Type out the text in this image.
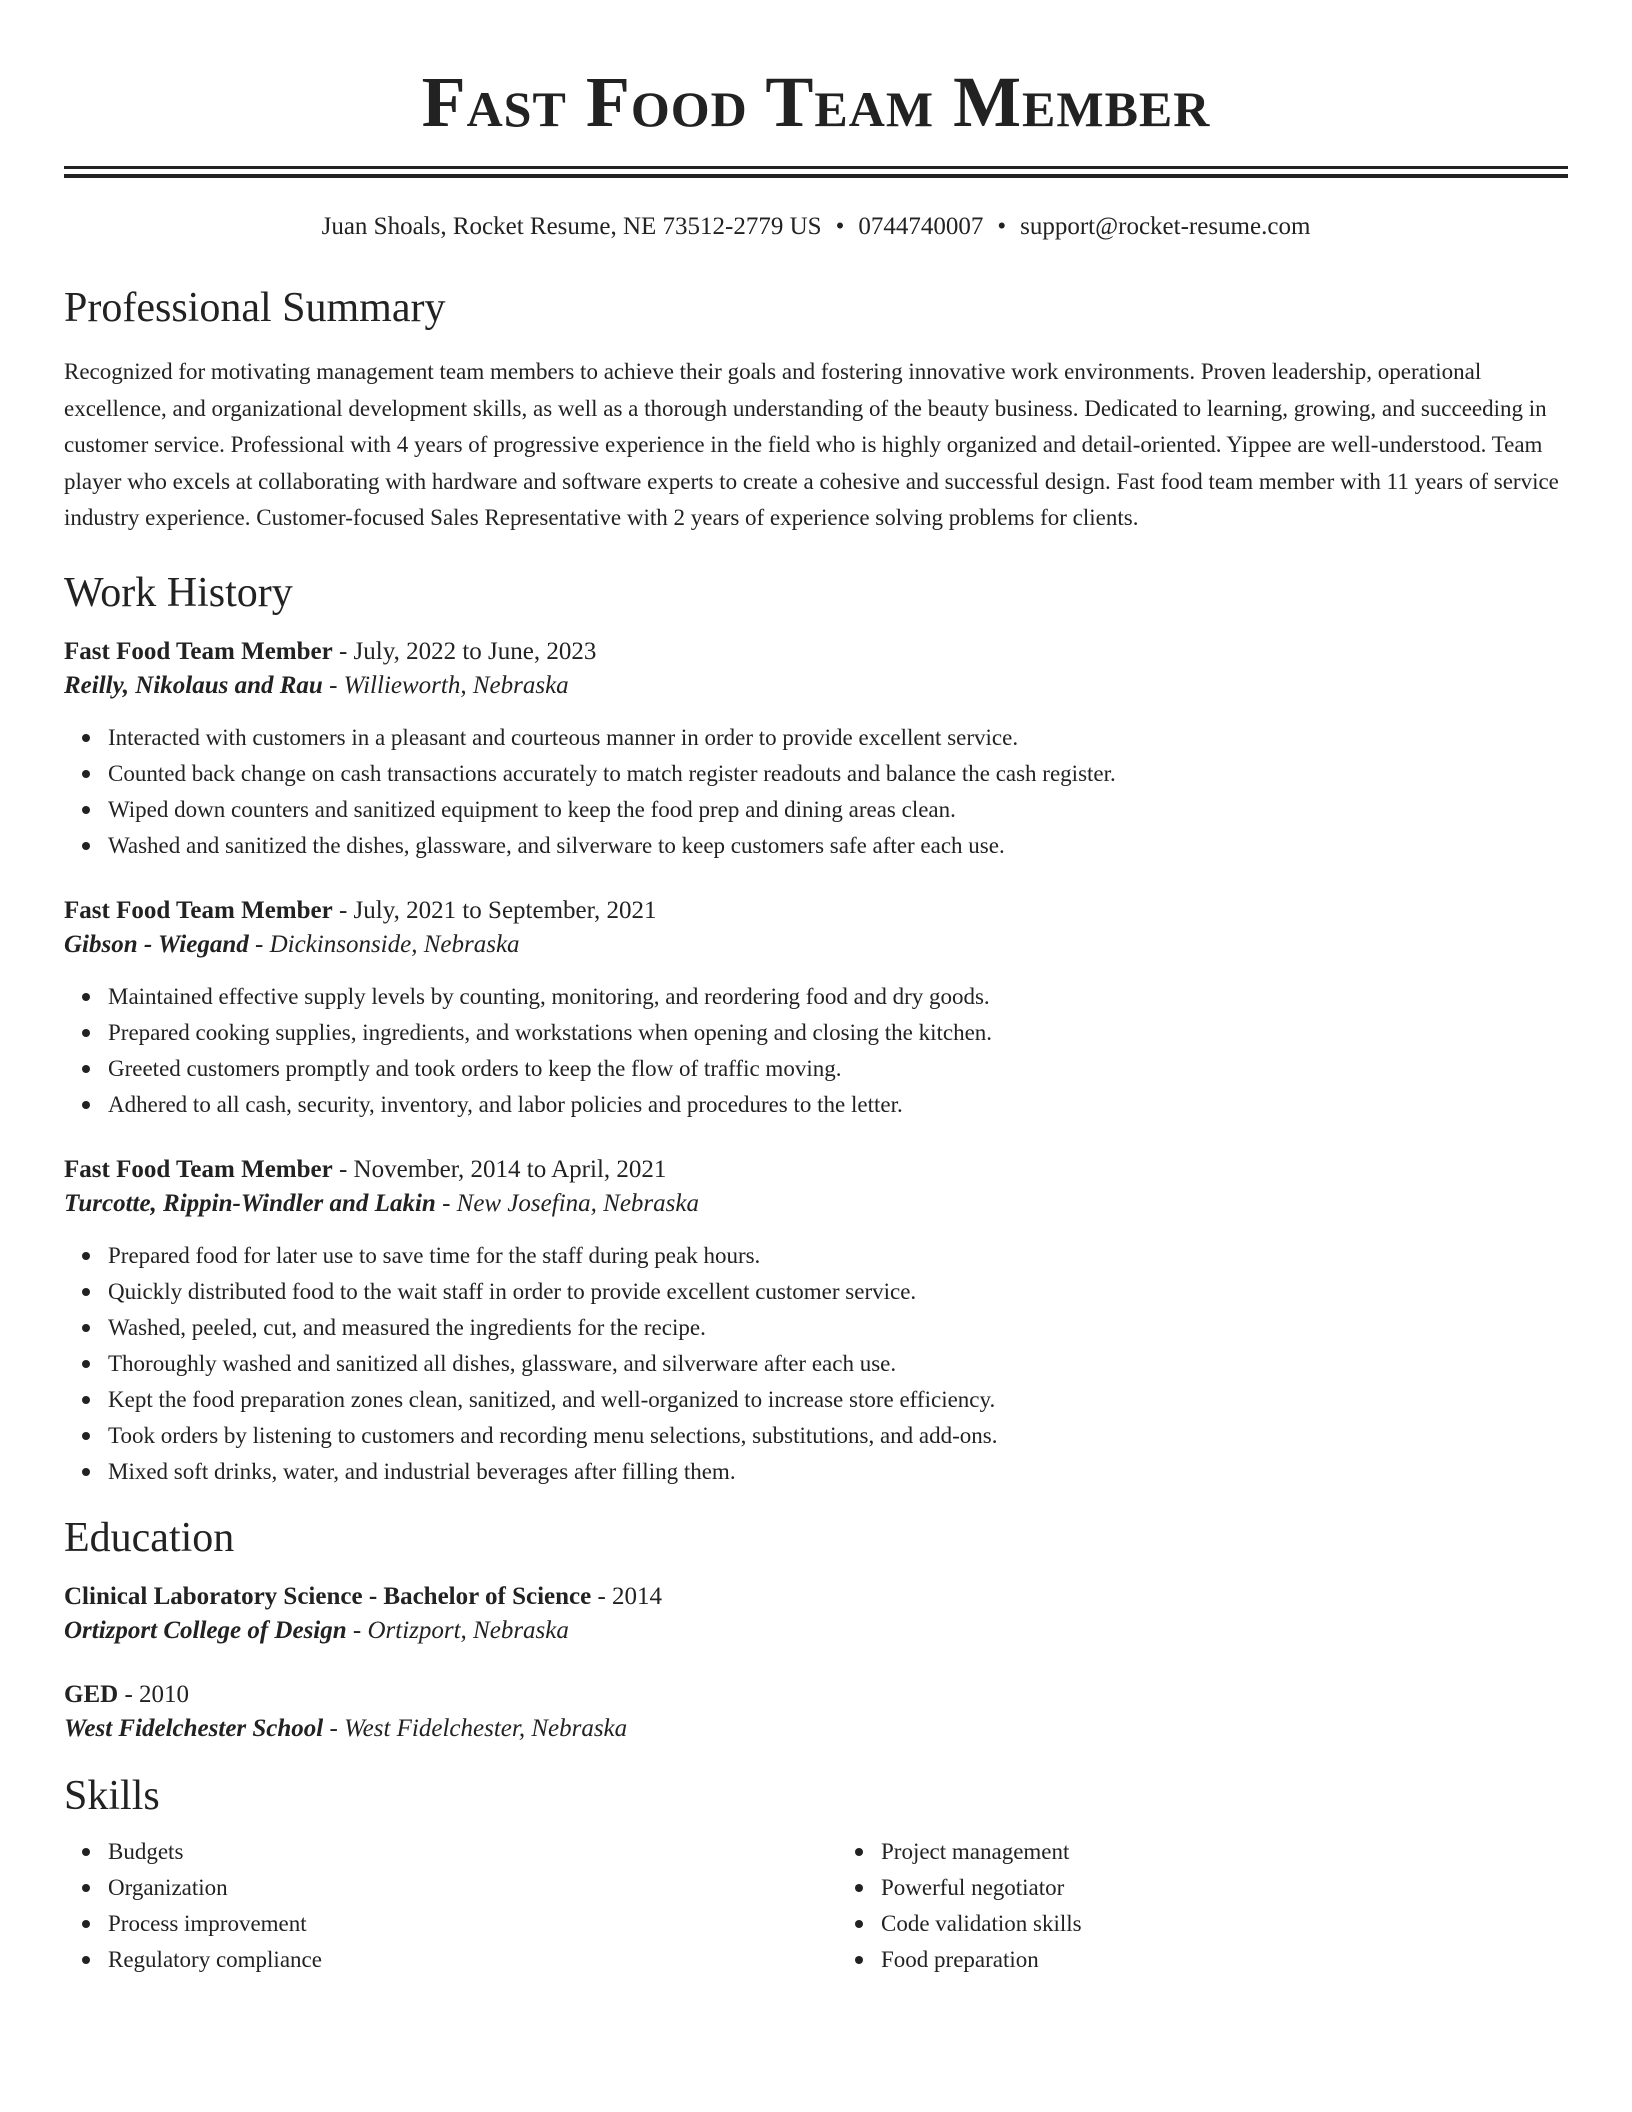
Fast Food Team Member
Juan Shoals, Rocket Resume, NE 73512-2779 US • 0744740007 • support@rocket-resume.com
Professional Summary
Recognized for motivating management team members to achieve their goals and fostering innovative work environments. Proven leadership, operational excellence, and organizational development skills, as well as a thorough understanding of the beauty business. Dedicated to learning, growing, and succeeding in customer service. Professional with 4 years of progressive experience in the field who is highly organized and detail-oriented. Yippee are well-understood. Team player who excels at collaborating with hardware and software experts to create a cohesive and successful design. Fast food team member with 11 years of service industry experience. Customer-focused Sales Representative with 2 years of experience solving problems for clients.
Work History
Fast Food Team Member - July, 2022 to June, 2023
Reilly, Nikolaus and Rau - Willieworth, Nebraska
Interacted with customers in a pleasant and courteous manner in order to provide excellent service.
Counted back change on cash transactions accurately to match register readouts and balance the cash register.
Wiped down counters and sanitized equipment to keep the food prep and dining areas clean.
Washed and sanitized the dishes, glassware, and silverware to keep customers safe after each use.
Fast Food Team Member - July, 2021 to September, 2021
Gibson - Wiegand - Dickinsonside, Nebraska
Maintained effective supply levels by counting, monitoring, and reordering food and dry goods.
Prepared cooking supplies, ingredients, and workstations when opening and closing the kitchen.
Greeted customers promptly and took orders to keep the flow of traffic moving.
Adhered to all cash, security, inventory, and labor policies and procedures to the letter.
Fast Food Team Member - November, 2014 to April, 2021
Turcotte, Rippin-Windler and Lakin - New Josefina, Nebraska
Prepared food for later use to save time for the staff during peak hours.
Quickly distributed food to the wait staff in order to provide excellent customer service.
Washed, peeled, cut, and measured the ingredients for the recipe.
Thoroughly washed and sanitized all dishes, glassware, and silverware after each use.
Kept the food preparation zones clean, sanitized, and well-organized to increase store efficiency.
Took orders by listening to customers and recording menu selections, substitutions, and add-ons.
Mixed soft drinks, water, and industrial beverages after filling them.
Education
Clinical Laboratory Science - Bachelor of Science - 2014
Ortizport College of Design - Ortizport, Nebraska
GED - 2010
West Fidelchester School - West Fidelchester, Nebraska
Skills
Budgets
Organization
Process improvement
Regulatory compliance
Project management
Powerful negotiator
Code validation skills
Food preparation
